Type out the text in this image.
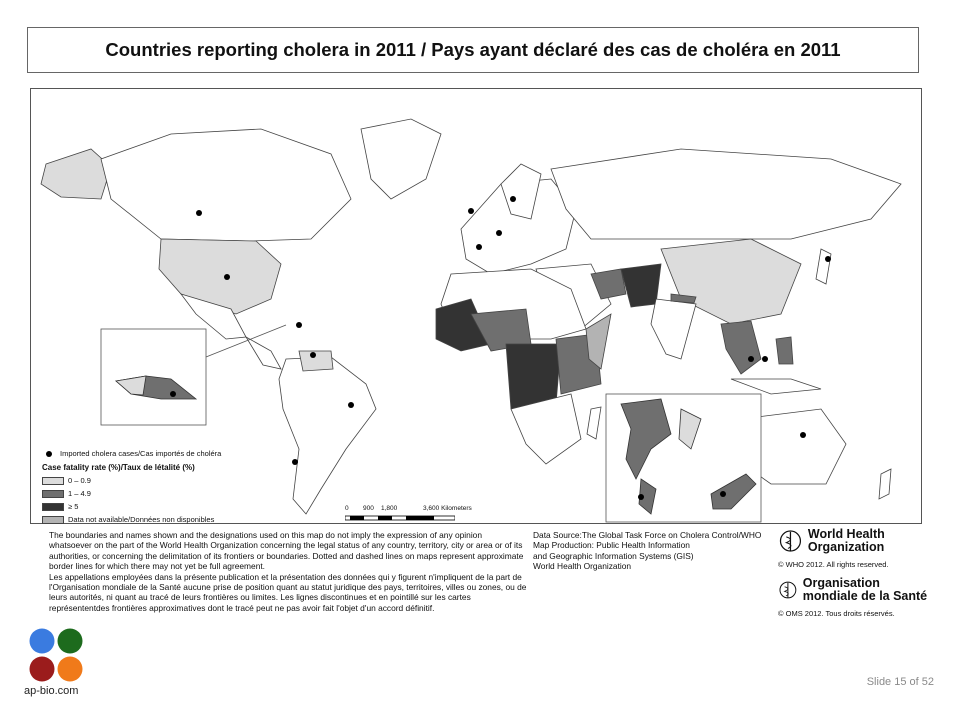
Countries reporting cholera in 2011 / Pays ayant déclaré des cas de choléra en 2011
Imported cholera cases/Cas importés de choléra
Case fatality rate (%)/Taux de létalité (%)
0 – 0.9
1 – 4.9
≥ 5
Data not available/Données non disponibles
0 900 1,800	3,600 Kilometers

The boundaries and names shown and the designations used on this map do not imply the expression of any opinion whatsoever on the part of the World Health Organization concerning the legal status of any country, territory, city or area or of its authorities, or concerning the delimitation of its frontiers or boundaries. Dotted and dashed lines on maps represent approximate border lines for which there may not yet be full agreement.

Les appellations employées dans la présente publication et la présentation des données qui y figurent n'impliquent de la part de l'Organisation mondiale de la Santé aucune prise de position quant au statut juridique des pays, territoires, villes ou zones, ou de leurs autorités, ni quant au tracé de leurs frontières ou limites. Les lignes discontinues et en pointillé sur les cartes représententdes frontières approximatives dont le tracé peut ne pas avoir fait l'objet d'un accord définitif.

Data Source:The Global Task Force on Cholera Control/WHO

Map Production: Public Health Information

and Geographic Information Systems (GIS)

World Health Organization

World Health Organization
© WHO 2012. All rights reserved.
Organisation mondiale de la Santé
© OMS 2012. Tous droits réservés.
ap-bio.com
Slide 15 of 52
